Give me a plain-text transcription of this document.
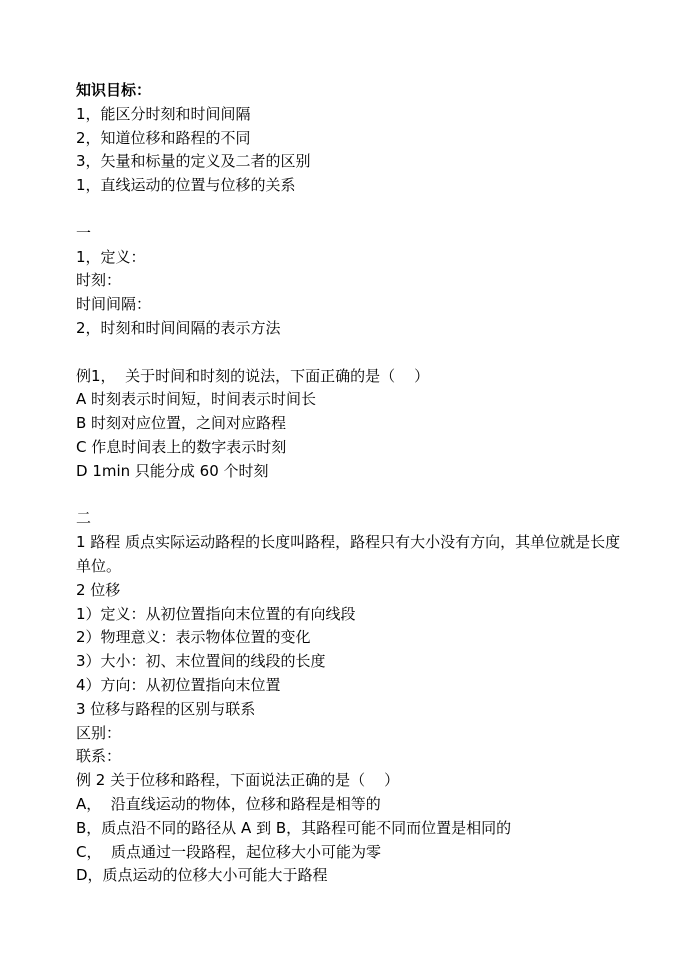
知识目标：
1，能区分时刻和时间间隔
2，知道位移和路程的不同
3，矢量和标量的定义及二者的区别
1，直线运动的位置与位移的关系
一
1，定义：
时刻：
时间间隔：
2，时刻和时间间隔的表示方法
例1，  关于时间和时刻的说法，下面正确的是（    ）
A 时刻表示时间短，时间表示时间长
B 时刻对应位置，之间对应路程
C 作息时间表上的数字表示时刻
D 1min 只能分成 60 个时刻
二
1 路程 质点实际运动路程的长度叫路程，路程只有大小没有方向，其单位就是长度单位。
2 位移
1）定义：从初位置指向末位置的有向线段
2）物理意义：表示物体位置的变化
3）大小：初、末位置间的线段的长度
4）方向：从初位置指向末位置
3 位移与路程的区别与联系
区别：
联系：
例 2 关于位移和路程，下面说法正确的是（    ）
A，  沿直线运动的物体，位移和路程是相等的
B，质点沿不同的路径从 A 到 B，其路程可能不同而位置是相同的
C，  质点通过一段路程，起位移大小可能为零
D，质点运动的位移大小可能大于路程
